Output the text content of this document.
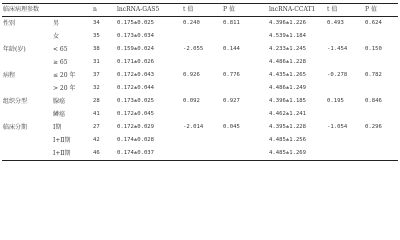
临床病理参数		n	lncRNA-GAS5	t 值	P 值	lncRNA-CCAT1	t 值	P 值
性别	男	34	0.175±0.025	0.240	0.811	4.396±1.226	0.493	0.624
	女	35	0.173±0.034			4.539±1.184		
年龄(岁)	< 65	38	0.159±0.024	-2.055	0.144	4.233±1.245	-1.454	0.150
	≥ 65	31	0.171±0.026			4.486±1.228		
病程	≤ 20 年	37	0.172±0.043	0.926	0.776	4.435±1.265	-0.278	0.782
	> 20 年	32	0.172±0.044			4.486±1.249		
组织分型	腺癌	28	0.173±0.025	0.092	0.927	4.396±1.185	0.195	0.846
	鳞癌	41	0.172±0.045			4.462±1.241		
临床分期	Ⅰ期	27	0.172±0.029	-2.014	0.045	4.395±1.228	-1.054	0.296
	Ⅰ+Ⅱ期	42	0.174±0.028			4.485±1.256		
	Ⅰ+Ⅱ期	46	0.174±0.037			4.485±1.269		
